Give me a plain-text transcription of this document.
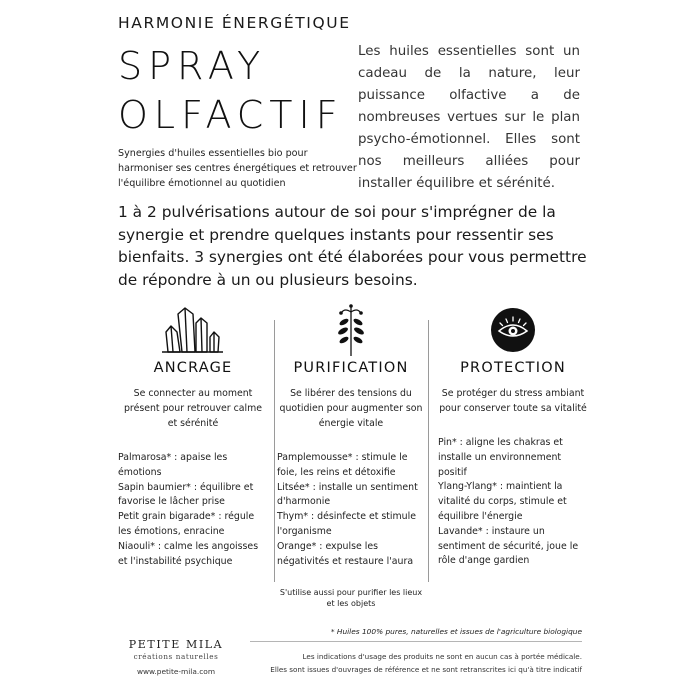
HARMONIE ÉNERGÉTIQUE
SPRAY
OLFACTIF
Synergies d'huiles essentielles bio pour harmoniser ses centres énergétiques et retrouver l'équilibre émotionnel au quotidien
Les huiles essentielles sont un cadeau de la nature, leur puissance olfactive a de nombreuses vertues sur le plan psycho-émotionnel. Elles sont nos meilleurs alliées pour installer équilibre et sérénité.
1 à 2 pulvérisations autour de soi pour s'imprégner de la synergie et prendre quelques instants pour ressentir ses bienfaits. 3 synergies ont été élaborées pour vous permettre de répondre à un ou plusieurs besoins.
ANCRAGE
Se connecter au moment présent pour retrouver calme et sérénité

Palmarosa* : apaise les émotions

Sapin baumier* : équilibre et favorise le lâcher prise

Petit grain bigarade* : régule les émotions, enracine

Niaouli* : calme les angoisses et l'instabilité psychique

PURIFICATION
Se libérer des tensions du quotidien pour augmenter son énergie vitale

Pamplemousse* : stimule le foie, les reins et détoxifie

Litsée* : installe un sentiment d'harmonie

Thym* : désinfecte et stimule l'organisme

Orange* : expulse les négativités et restaure l'aura

S'utilise aussi pour purifier les lieux et les objets
PROTECTION
Se protéger du stress ambiant pour conserver toute sa vitalité

Pin* : aligne les chakras et installe un environnement positif

Ylang-Ylang* : maintient la vitalité du corps, stimule et équilibre l'énergie

Lavande* : instaure un sentiment de sécurité, joue le rôle d'ange gardien

PETITE MILA
créations naturelles
www.petite-mila.com
* Huiles 100% pures, naturelles et issues de l'agriculture biologique
Les indications d'usage des produits ne sont en aucun cas à portée médicale.
Elles sont issues d'ouvrages de référence et ne sont retranscrites ici qu'à titre indicatif
